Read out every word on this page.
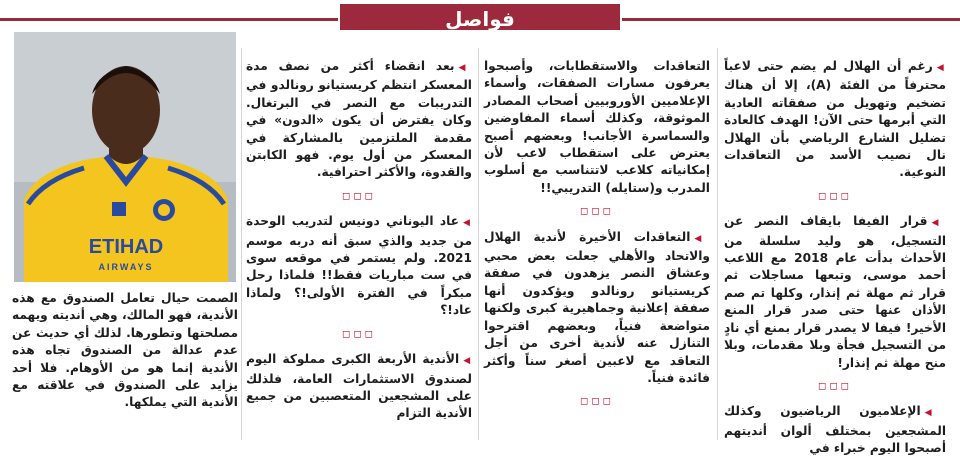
فواصل

◀رغم أن الهلال لم يضم حتى لاعباً محترفاً من الفئة (A)، إلا أن هناك تضخيم وتهويل من صفقاته العادية التي أبرمها حتى الآن! الهدف كالعادة تضليل الشارع الرياضي بأن الهلال نال نصيب الأسد من التعاقدات النوعية.

◻◻◻

◀قرار الفيفا بايقاف النصر عن التسجيل، هو وليد سلسلة من الأحداث بدأت عام 2018 مع اللاعب أحمد موسى، وتبعها مساجلات ثم قرار ثم مهلة ثم إنذار، وكلها تم صم الأذان عنها حتى صدر قرار المنع الأخير! فيفا لا يصدر قرار بمنع أي نادٍ من التسجيل فجأة وبلا مقدمات، وبلا منح مهلة ثم إنذار!

◻◻◻

◀الإعلاميون الرياضيون وكذلك المشجعين بمختلف ألوان أنديتهم أصبحوا اليوم خبراء في

التعاقدات والاستقطابات، وأصبحوا يعرفون مسارات الصفقات، وأسماء الإعلاميين الأوروبيين أصحاب المصادر الموثوقة، وكذلك أسماء المفاوضين والسماسرة الأجانب! وبعضهم أصبح يعترض على استقطاب لاعب لأن إمكانياته كلاعب لاتتناسب مع أسلوب المدرب و(ستايله) التدريبي!!

◻◻◻

◀التعاقدات الأخيرة لأندية الهلال والاتحاد والأهلي جعلت بعض محبي وعشاق النصر يزهدون في صفقة كريستيانو رونالدو ويؤكدون أنها صفقة إعلانية وجماهيرية كبرى ولكنها متواضعة فنياً، وبعضهم اقترحوا التنازل عنه لأندية أخرى من أجل التعاقد مع لاعبين أصغر سناً وأكثر فائدة فنياً.

◻◻◻

◀بعد انقضاء أكثر من نصف مدة المعسكر انتظم كريستيانو رونالدو في التدريبات مع النصر في البرتغال. وكان يفترض أن يكون «الدون» في مقدمة الملتزمين بالمشاركة في المعسكر من أول يوم. فهو الكابتن والقدوة، والأكثر احترافية.

◻◻◻

◀عاد اليوناني دونيس لتدريب الوحدة من جديد والذي سبق أنه دربه موسم 2021. ولم يستمر في موقعه سوى في ست مباريات فقط!! فلماذا رحل مبكراً في الفترة الأولى!؟ ولماذا عاد!؟

◻◻◻

◀الأندية الأربعة الكبرى مملوكة اليوم لصندوق الاستثمارات العامة، فلذلك على المشجعين المتعصبين من جميع الأندية التزام

ETIHAD
AIRWAYS
الصمت حيال تعامل الصندوق مع هذه الأندية، فهو المالك، وهي أنديته ويهمه مصلحتها وتطورها. لذلك أي حديث عن عدم عدالة من الصندوق تجاه هذه الأندية إنما هو من الأوهام. فلا أحد يزايد على الصندوق في علاقته مع الأندية التي يملكها.
